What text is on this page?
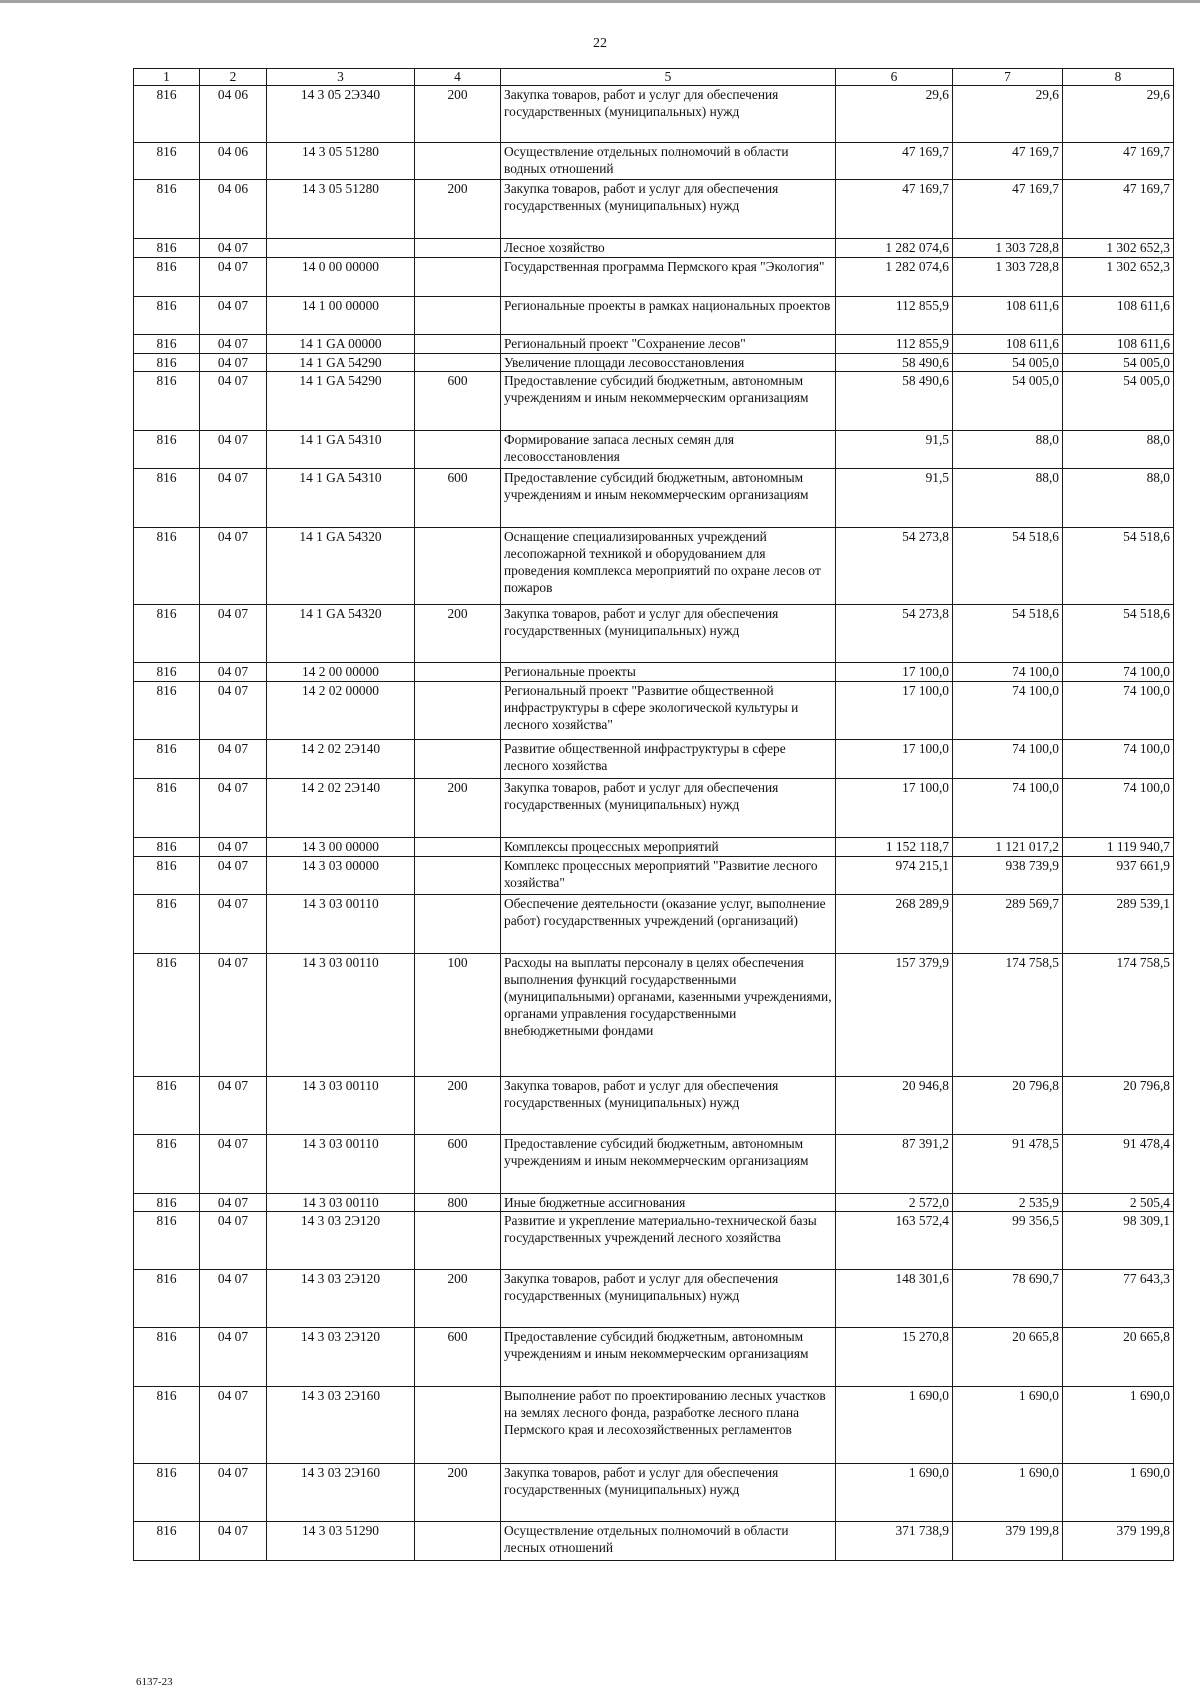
22
1	2	3	4	5	6	7	8
816	04 06	14 3 05 2Э340	200	Закупка товаров, работ и услуг для обеспечения государственных (муниципальных) нужд	29,6	29,6	29,6
816	04 06	14 3 05 51280		Осуществление отдельных полномочий в области водных отношений	47 169,7	47 169,7	47 169,7
816	04 06	14 3 05 51280	200	Закупка товаров, работ и услуг для обеспечения государственных (муниципальных) нужд	47 169,7	47 169,7	47 169,7
816	04 07			Лесное хозяйство	1 282 074,6	1 303 728,8	1 302 652,3
816	04 07	14 0 00 00000		Государственная программа Пермского края "Экология"	1 282 074,6	1 303 728,8	1 302 652,3
816	04 07	14 1 00 00000		Региональные проекты в рамках национальных проектов	112 855,9	108 611,6	108 611,6
816	04 07	14 1 GA 00000		Региональный проект "Сохранение лесов"	112 855,9	108 611,6	108 611,6
816	04 07	14 1 GA 54290		Увеличение площади лесовосстановления	58 490,6	54 005,0	54 005,0
816	04 07	14 1 GA 54290	600	Предоставление субсидий бюджетным, автономным учреждениям и иным некоммерческим организациям	58 490,6	54 005,0	54 005,0
816	04 07	14 1 GA 54310		Формирование запаса лесных семян для лесовосстановления	91,5	88,0	88,0
816	04 07	14 1 GA 54310	600	Предоставление субсидий бюджетным, автономным учреждениям и иным некоммерческим организациям	91,5	88,0	88,0
816	04 07	14 1 GA 54320		Оснащение специализированных учреждений лесопожарной техникой и оборудованием для проведения комплекса мероприятий по охране лесов от пожаров	54 273,8	54 518,6	54 518,6
816	04 07	14 1 GA 54320	200	Закупка товаров, работ и услуг для обеспечения государственных (муниципальных) нужд	54 273,8	54 518,6	54 518,6
816	04 07	14 2 00 00000		Региональные проекты	17 100,0	74 100,0	74 100,0
816	04 07	14 2 02 00000		Региональный проект "Развитие общественной инфраструктуры в сфере экологической культуры и лесного хозяйства"	17 100,0	74 100,0	74 100,0
816	04 07	14 2 02 2Э140		Развитие общественной инфраструктуры в сфере лесного хозяйства	17 100,0	74 100,0	74 100,0
816	04 07	14 2 02 2Э140	200	Закупка товаров, работ и услуг для обеспечения государственных (муниципальных) нужд	17 100,0	74 100,0	74 100,0
816	04 07	14 3 00 00000		Комплексы процессных мероприятий	1 152 118,7	1 121 017,2	1 119 940,7
816	04 07	14 3 03 00000		Комплекс процессных мероприятий "Развитие лесного хозяйства"	974 215,1	938 739,9	937 661,9
816	04 07	14 3 03 00110		Обеспечение деятельности (оказание услуг, выполнение работ) государственных учреждений (организаций)	268 289,9	289 569,7	289 539,1
816	04 07	14 3 03 00110	100	Расходы на выплаты персоналу в целях обеспечения выполнения функций государственными (муниципальными) органами, казенными учреждениями, органами управления государственными внебюджетными фондами	157 379,9	174 758,5	174 758,5
816	04 07	14 3 03 00110	200	Закупка товаров, работ и услуг для обеспечения государственных (муниципальных) нужд	20 946,8	20 796,8	20 796,8
816	04 07	14 3 03 00110	600	Предоставление субсидий бюджетным, автономным учреждениям и иным некоммерческим организациям	87 391,2	91 478,5	91 478,4
816	04 07	14 3 03 00110	800	Иные бюджетные ассигнования	2 572,0	2 535,9	2 505,4
816	04 07	14 3 03 2Э120		Развитие и укрепление материально-технической базы государственных учреждений лесного хозяйства	163 572,4	99 356,5	98 309,1
816	04 07	14 3 03 2Э120	200	Закупка товаров, работ и услуг для обеспечения государственных (муниципальных) нужд	148 301,6	78 690,7	77 643,3
816	04 07	14 3 03 2Э120	600	Предоставление субсидий бюджетным, автономным учреждениям и иным некоммерческим организациям	15 270,8	20 665,8	20 665,8
816	04 07	14 3 03 2Э160		Выполнение работ по проектированию лесных участков на землях лесного фонда, разработке лесного плана Пермского края и лесохозяйственных регламентов	1 690,0	1 690,0	1 690,0
816	04 07	14 3 03 2Э160	200	Закупка товаров, работ и услуг для обеспечения государственных (муниципальных) нужд	1 690,0	1 690,0	1 690,0
816	04 07	14 3 03 51290		Осуществление отдельных полномочий в области лесных отношений	371 738,9	379 199,8	379 199,8
6137-23
